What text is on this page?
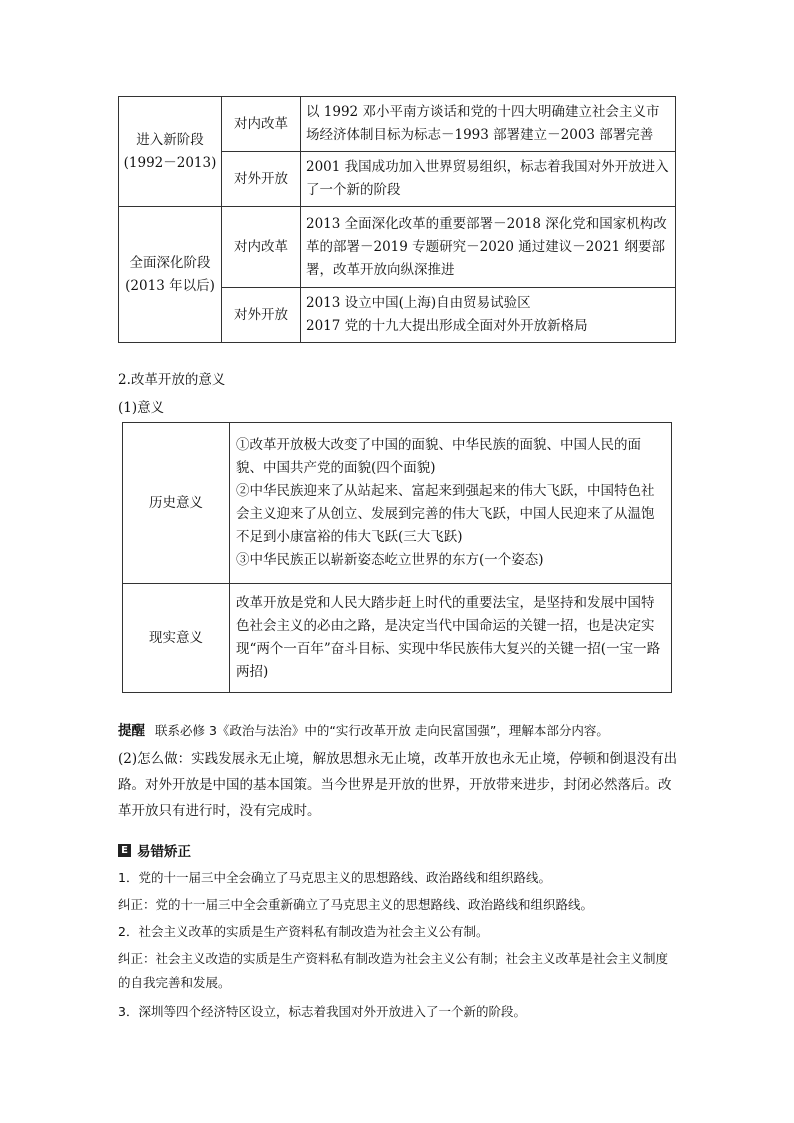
进入新阶段
(1992－2013)	对内改革	以 1992 邓小平南方谈话和党的十四大明确建立社会主义市场经济体制目标为标志－1993 部署建立－2003 部署完善
	对外开放	2001 我国成功加入世界贸易组织，标志着我国对外开放进入了一个新的阶段

全面深化阶段
(2013 年以后)	对内改革	2013 全面深化改革的重要部署－2018 深化党和国家机构改革的部署－2019 专题研究－2020 通过建议－2021 纲要部署，改革开放向纵深推进
	对外开放	2013 设立中国(上海)自由贸易试验区
2017 党的十九大提出形成全面对外开放新格局
2.改革开放的意义
(1)意义
历史意义	①改革开放极大改变了中国的面貌、中华民族的面貌、中国人民的面貌、中国共产党的面貌(四个面貌)
②中华民族迎来了从站起来、富起来到强起来的伟大飞跃，中国特色社会主义迎来了从创立、发展到完善的伟大飞跃，中国人民迎来了从温饱不足到小康富裕的伟大飞跃(三大飞跃)
③中华民族正以崭新姿态屹立世界的东方(一个姿态)

现实意义	改革开放是党和人民大踏步赶上时代的重要法宝，是坚持和发展中国特色社会主义的必由之路，是决定当代中国命运的关键一招，也是决定实现“两个一百年”奋斗目标、实现中华民族伟大复兴的关键一招(一宝一路两招)
提醒 联系必修 3《政治与法治》中的“实行改革开放 走向民富国强”，理解本部分内容。
(2)怎么做：实践发展永无止境，解放思想永无止境，改革开放也永无止境，停顿和倒退没有出路。对外开放是中国的基本国策。当今世界是开放的世界，开放带来进步，封闭必然落后。改革开放只有进行时，没有完成时。
E 易错矫正
1．党的十一届三中全会确立了马克思主义的思想路线、政治路线和组织路线。
纠正：党的十一届三中全会重新确立了马克思主义的思想路线、政治路线和组织路线。
2．社会主义改革的实质是生产资料私有制改造为社会主义公有制。
纠正：社会主义改造的实质是生产资料私有制改造为社会主义公有制；社会主义改革是社会主义制度的自我完善和发展。
3．深圳等四个经济特区设立，标志着我国对外开放进入了一个新的阶段。
